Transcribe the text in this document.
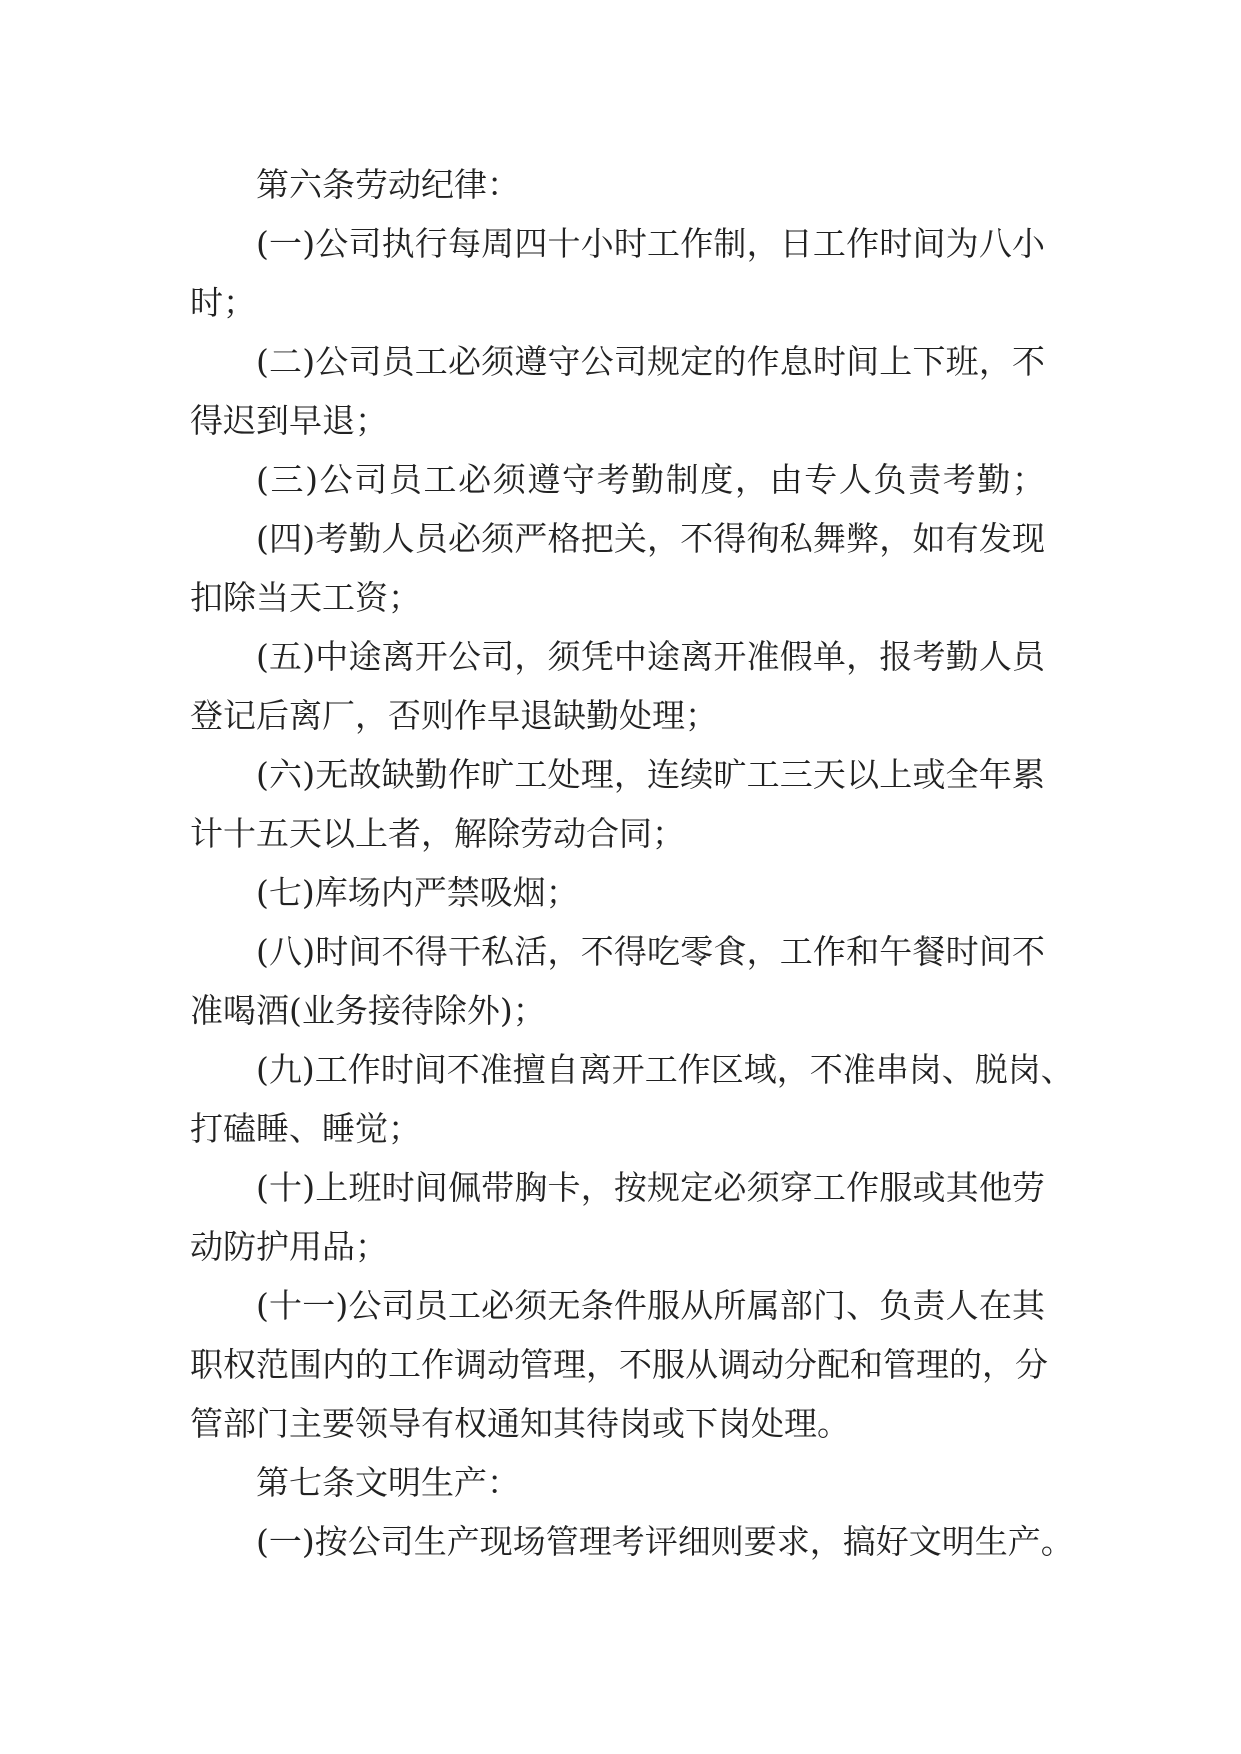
第六条劳动纪律：
(一)公司执行每周四十小时工作制，日工作时间为八小
时；
(二)公司员工必须遵守公司规定的作息时间上下班，不
得迟到早退；
(三)公司员工必须遵守考勤制度，由专人负责考勤；
(四)考勤人员必须严格把关，不得徇私舞弊，如有发现
扣除当天工资；
(五)中途离开公司，须凭中途离开准假单，报考勤人员
登记后离厂，否则作早退缺勤处理；
(六)无故缺勤作旷工处理，连续旷工三天以上或全年累
计十五天以上者，解除劳动合同；
(七)库场内严禁吸烟；
(八)时间不得干私活，不得吃零食，工作和午餐时间不
准喝酒(业务接待除外)；
(九)工作时间不准擅自离开工作区域，不准串岗、脱岗、
打磕睡、睡觉；
(十)上班时间佩带胸卡，按规定必须穿工作服或其他劳
动防护用品；
(十一)公司员工必须无条件服从所属部门、负责人在其
职权范围内的工作调动管理，不服从调动分配和管理的，分
管部门主要领导有权通知其待岗或下岗处理。
第七条文明生产：
(一)按公司生产现场管理考评细则要求，搞好文明生产。
